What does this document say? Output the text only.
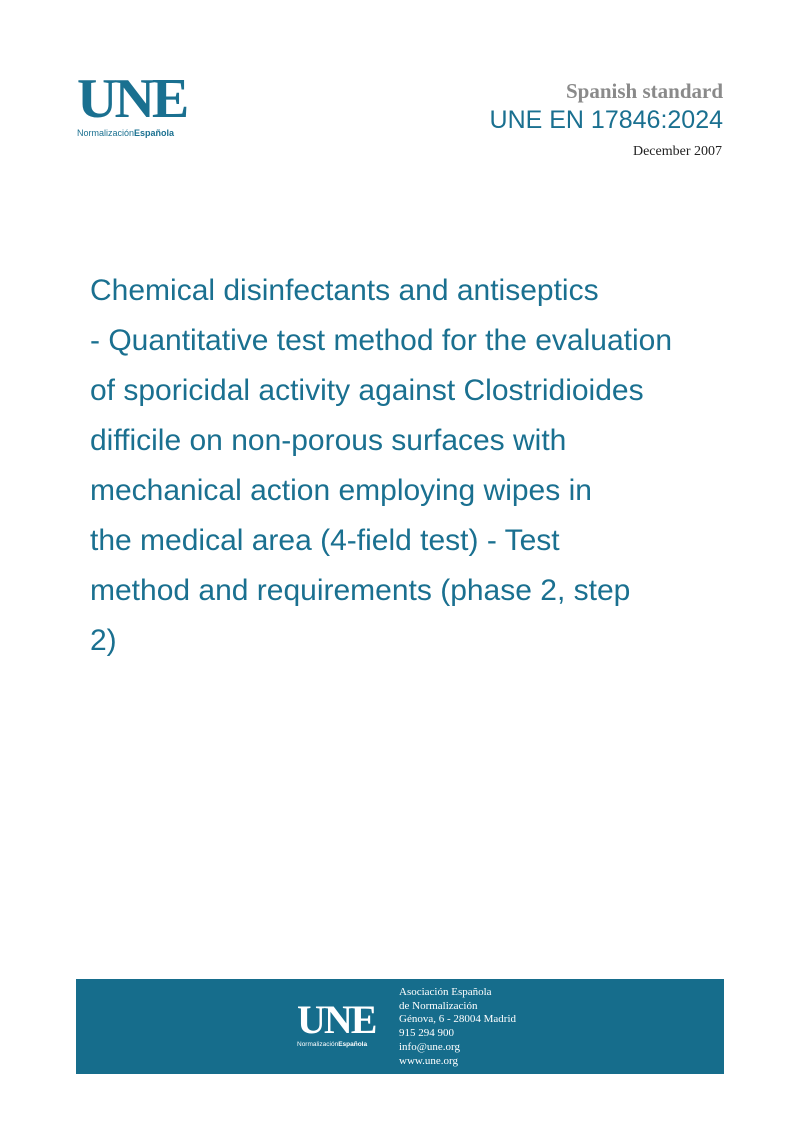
UNE
NormalizaciónEspañola
Spanish standard
UNE EN 17846:2024
December 2007
Chemical disinfectants and antiseptics
- Quantitative test method for the evaluation
of sporicidal activity against Clostridioides
difficile on non-porous surfaces with
mechanical action employing wipes in
the medical area (4-field test) - Test
method and requirements (phase 2, step
2)
UNE
NormalizaciónEspañola
Asociación Española
de Normalización
Génova, 6 - 28004 Madrid
915 294 900
info@une.org
www.une.org
